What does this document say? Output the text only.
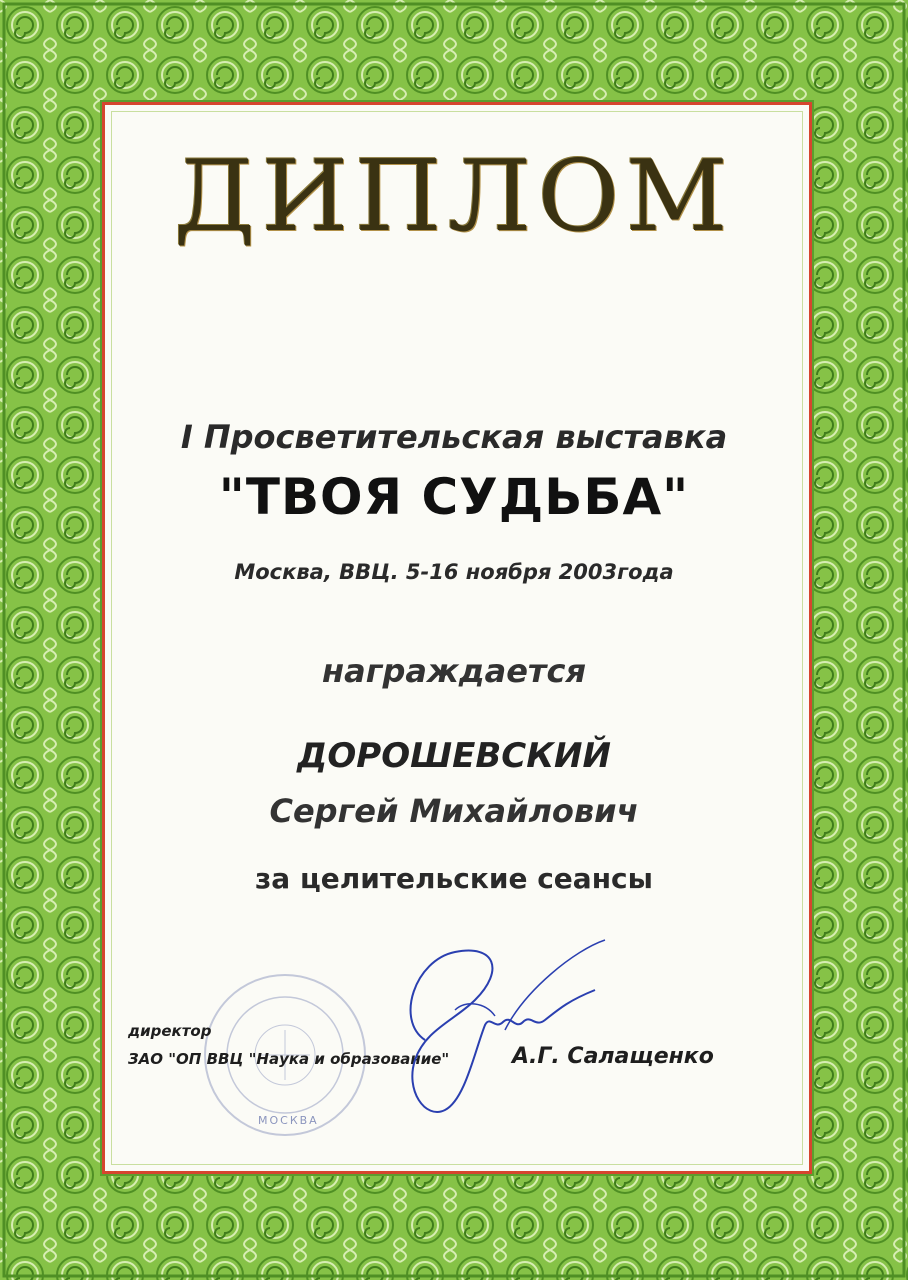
ДИПЛОМ
I Просветительская выставка
"ТВОЯ СУДЬБА"
Москва, ВВЦ. 5-16 ноября 2003года
награждается
ДОРОШЕВСКИЙ
Сергей Михайлович
за целительские сеансы
МОСКВА
директор
ЗАО "ОП ВВЦ "Наука и образование"	А.Г. Салащенко
